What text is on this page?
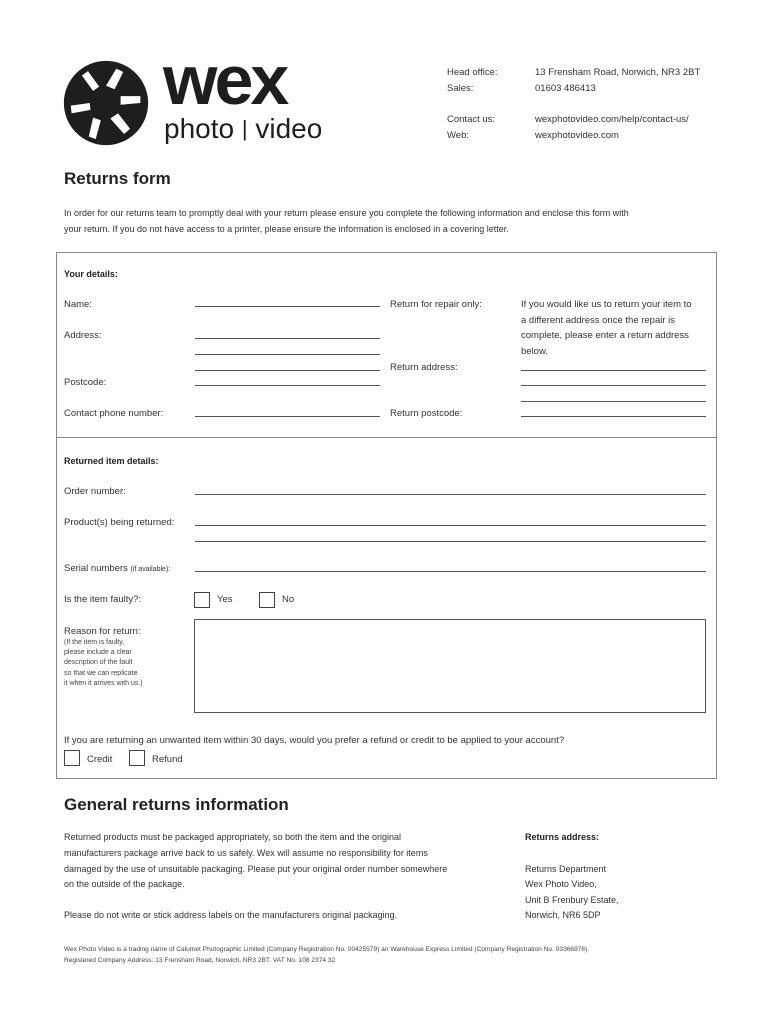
wex
photo | video
Head office:	13 Frensham Road, Norwich, NR3 2BT
Sales:	01603 486413
Contact us:	wexphotovideo.com/help/contact-us/
Web:	wexphotovideo.com
Returns form
In order for our returns team to promptly deal with your return please ensure you complete the following information and enclose this form with
your return. If you do not have access to a printer, please ensure the information is enclosed in a covering letter.
Your details:
Name:
Address:
Postcode:
Contact phone number:
Return for repair only:	If you would like us to return your item to
a different address once the repair is
complete, please enter a return address
below.
Return address:
Return postcode:
Returned item details:
Order number:
Product(s) being returned:
Serial numbers (if available):
Is the item faulty?:	Yes	No
Reason for return:
(If the item is faulty,
please include a clear
description of the fault
so that we can replicate
it when it arrives with us.)
If you are returning an unwanted item within 30 days, would you prefer a refund or credit to be applied to your account?
Credit	Refund
General returns information
Returned products must be packaged appropriately, so both the item and the original
manufacturers package arrive back to us safely. Wex will assume no responsibility for items
damaged by the use of unsuitable packaging. Please put your original order number somewhere
on the outside of the package.
Please do not write or stick address labels on the manufacturers original packaging.
Returns address:
Returns Department
Wex Photo Video,
Unit B Frenbury Estate,
Norwich, NR6 5DP
Wex Photo Video is a trading name of Calumet Photographic Limited (Company Registration No. 00425579) an Warehouse Express Limited (Company Registration No. 03366976).
Registered Company Address: 13 Frensham Road, Norwich, NR3 2BT. VAT No. 108 2374 32
